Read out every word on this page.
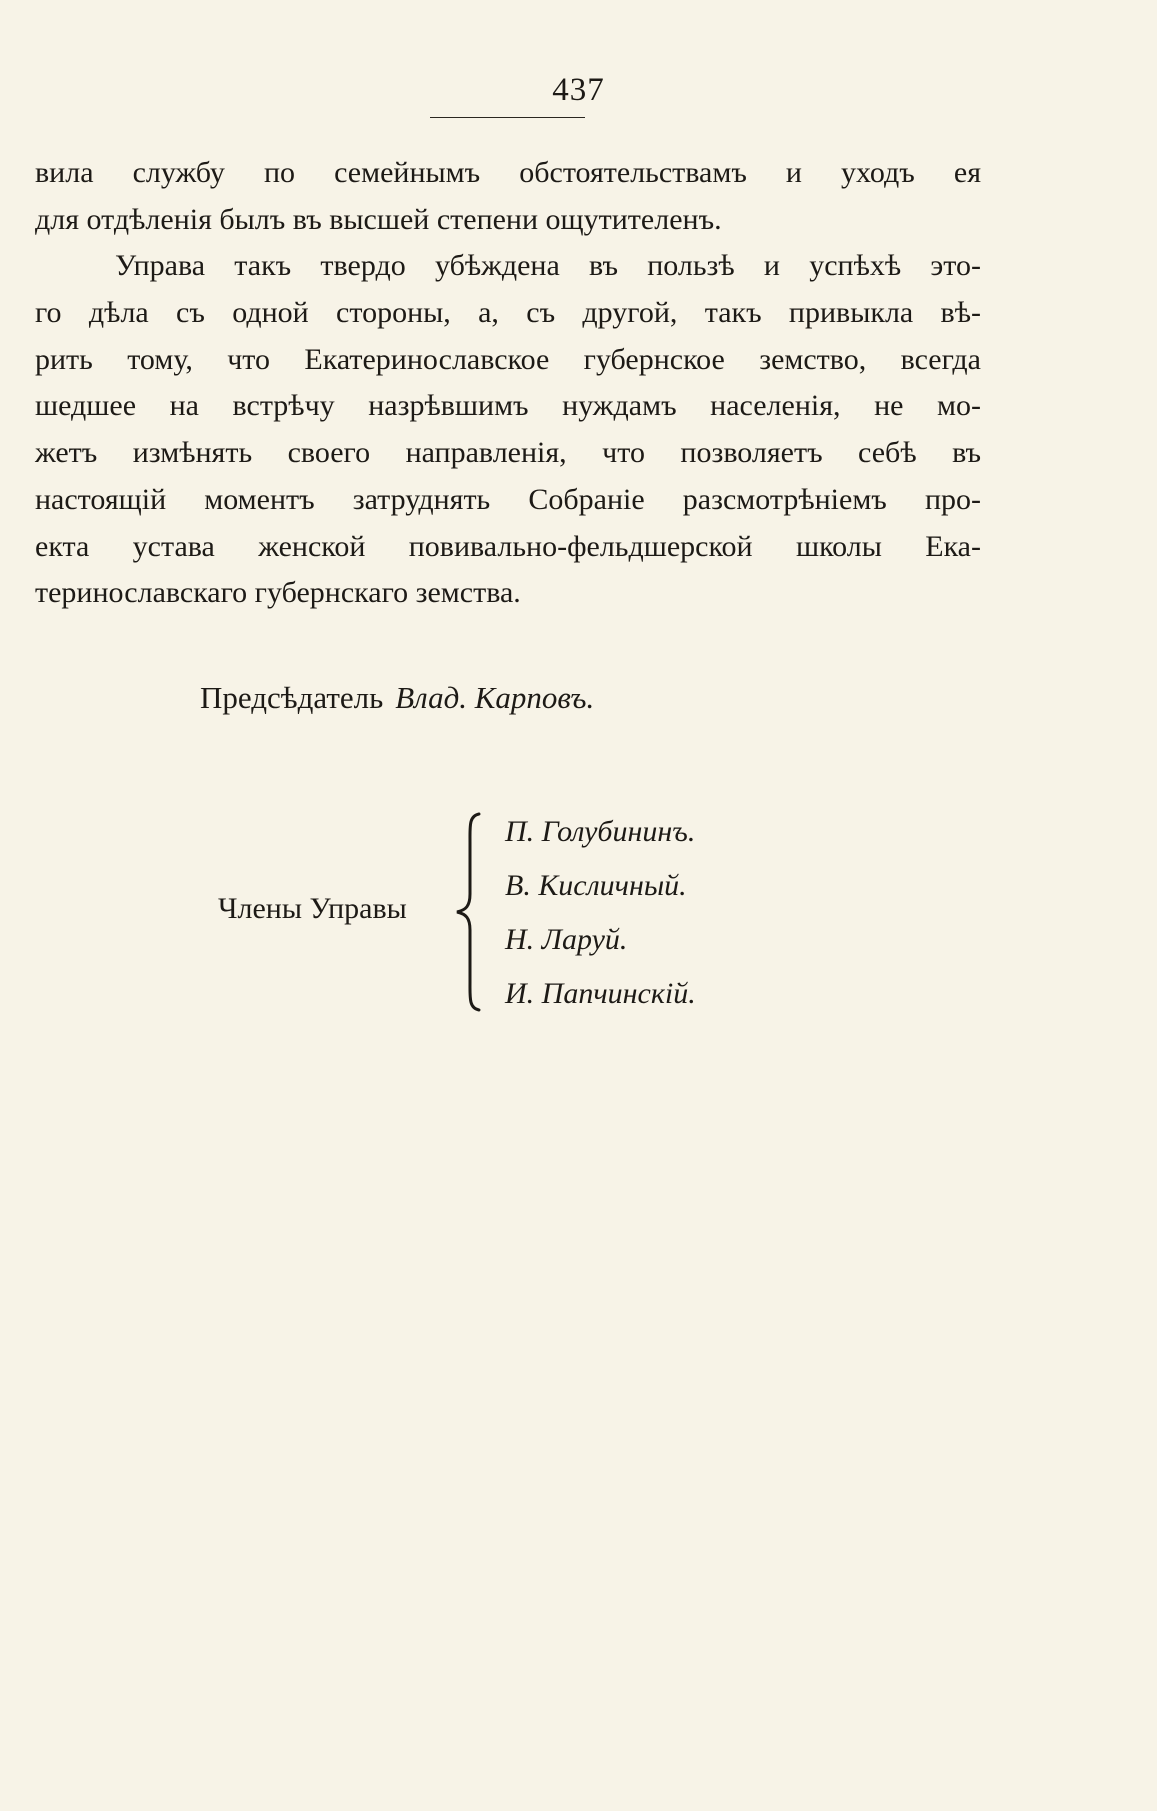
437
вила службу по семейнымъ обстоятельствамъ и уходъ ея
для отдѣленія былъ въ высшей степени ощутителенъ.
Управа такъ твердо убѣждена въ пользѣ и успѣхѣ это-
го дѣла съ одной стороны, а, съ другой, такъ привыкла вѣ-
рить тому, что Екатеринославское губернское земство, всегда
шедшее на встрѣчу назрѣвшимъ нуждамъ населенія, не мо-
жетъ измѣнять своего направленія, что позволяетъ себѣ въ
настоящій моментъ затруднять Собраніе разсмотрѣніемъ про-
екта устава женской повивально-фельдшерской школы Ека-
теринославскаго губернскаго земства.
Предсѣдатель Влад. Карповъ.
Члены Управы
П. Голубининъ.
В. Кисличный.
Н. Ларуй.
И. Папчинскій.
